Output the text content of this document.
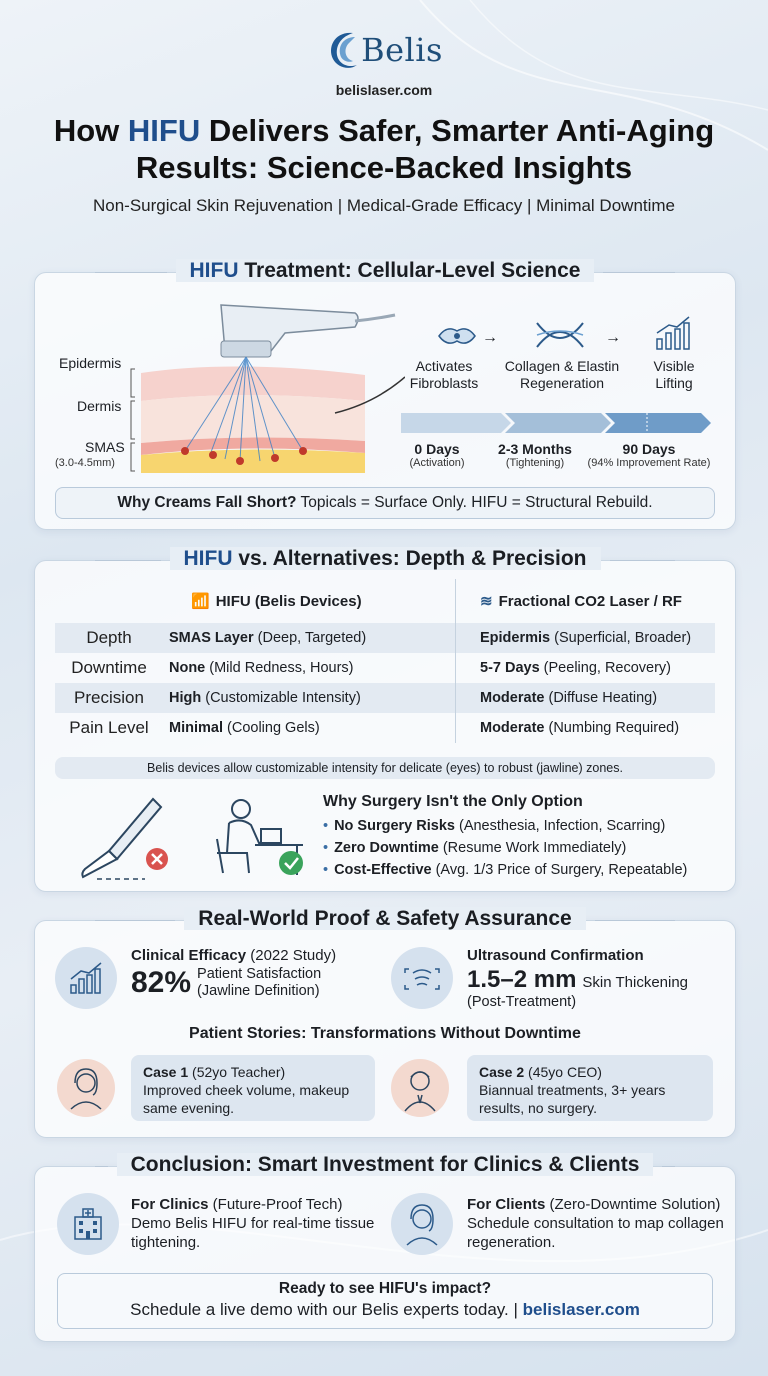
Belis
belislaser.com
How HIFU Delivers Safer, Smarter Anti-Aging Results: Science-Backed Insights
Non-Surgical Skin Rejuvenation | Medical-Grade Efficacy | Minimal Downtime
HIFU Treatment: Cellular-Level Science
Epidermis
Dermis
SMAS
(3.0-4.5mm)
→	→
Activates Fibroblasts
Collagen & Elastin Regeneration
Visible Lifting
0 Days
(Activation)
2-3 Months
(Tightening)
90 Days
(94% Improvement Rate)
Why Creams Fall Short? Topicals = Surface Only. HIFU = Structural Rebuild.
HIFU vs. Alternatives: Depth & Precision
	📶 HIFU (Belis Devices)	≋ Fractional CO2 Laser / RF
Depth	SMAS Layer (Deep, Targeted)	Epidermis (Superficial, Broader)
Downtime	None (Mild Redness, Hours)	5-7 Days (Peeling, Recovery)
Precision	High (Customizable Intensity)	Moderate (Diffuse Heating)
Pain Level	Minimal (Cooling Gels)	Moderate (Numbing Required)
Belis devices allow customizable intensity for delicate (eyes) to robust (jawline) zones.
Why Surgery Isn't the Only Option
• No Surgery Risks (Anesthesia, Infection, Scarring)
• Zero Downtime (Resume Work Immediately)
• Cost-Effective (Avg. 1/3 Price of Surgery, Repeatable)
Real-World Proof & Safety Assurance
Clinical Efficacy (2022 Study)
82% Patient Satisfaction (Jawline Definition)
Ultrasound Confirmation
1.5–2 mm Skin Thickening
(Post-Treatment)
Patient Stories: Transformations Without Downtime
Case 1 (52yo Teacher)
Improved cheek volume, makeup same evening.
Case 2 (45yo CEO)
Biannual treatments, 3+ years results, no surgery.
Conclusion: Smart Investment for Clinics & Clients
For Clinics (Future-Proof Tech)
Demo Belis HIFU for real-time tissue tightening.
For Clients (Zero-Downtime Solution)
Schedule consultation to map collagen regeneration.
Ready to see HIFU's impact?
Schedule a live demo with our Belis experts today. | belislaser.com
